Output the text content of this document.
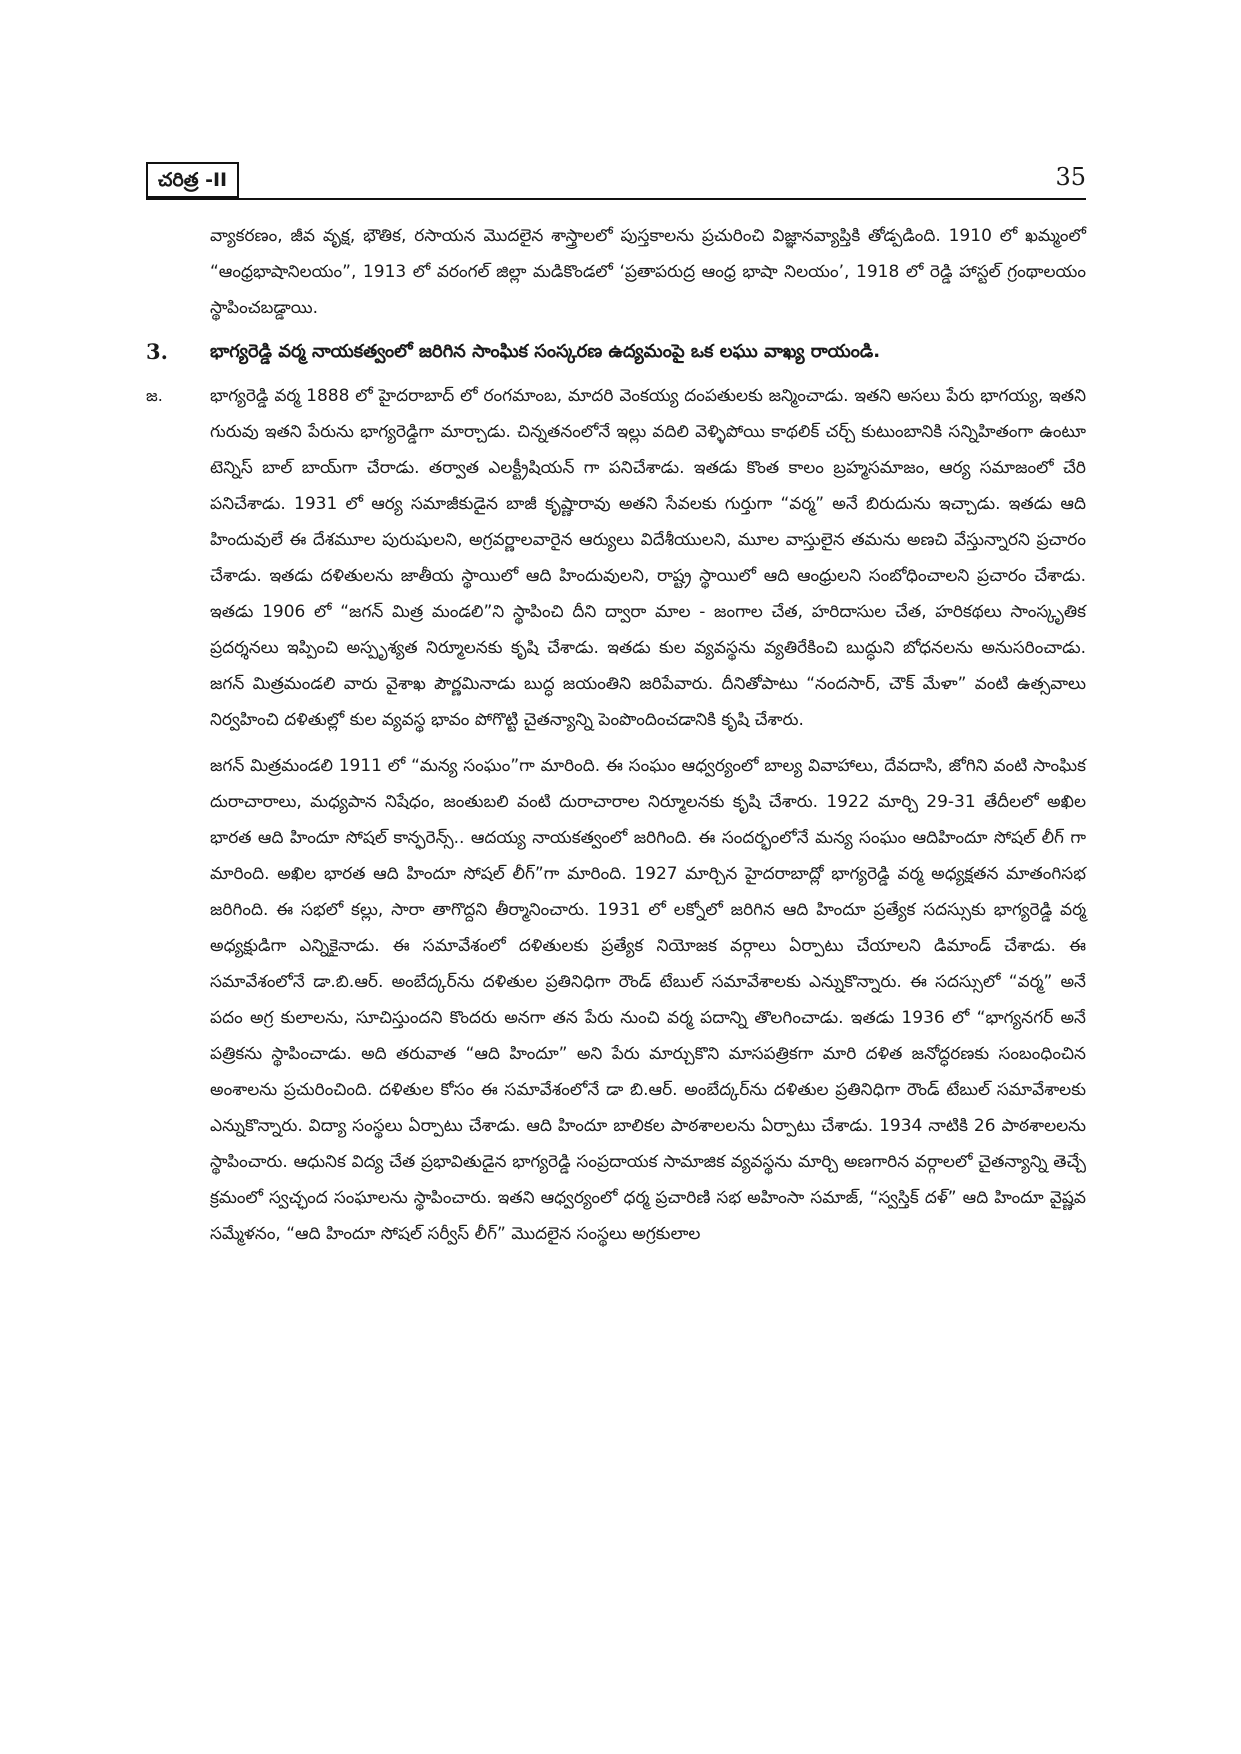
చరిత్ర -II	35

వ్యాకరణం, జీవ వృక్ష, భౌతిక, రసాయన మొదలైన శాస్త్రాలలో పుస్తకాలను ప్రచురించి విజ్ఞానవ్యాప్తికి తోడ్పడింది. 1910 లో ఖమ్మంలో “ఆంధ్రభాషానిలయం”, 1913 లో వరంగల్ జిల్లా మడికొండలో ‘ప్రతాపరుద్ర ఆంధ్ర భాషా నిలయం’, 1918 లో రెడ్డి హాస్టల్ గ్రంథాలయం స్థాపించబడ్డాయి.

3.	భాగ్యరెడ్డి వర్మ నాయకత్వంలో జరిగిన సాంఘిక సంస్కరణ ఉద్యమంపై ఒక లఘు వాఖ్య రాయండి.

జ.	భాగ్యరెడ్డి వర్మ 1888 లో హైదరాబాద్ లో రంగమాంబ, మాదరి వెంకయ్య దంపతులకు జన్మించాడు. ఇతని అసలు పేరు భాగయ్య, ఇతని గురువు ఇతని పేరును భాగ్యరెడ్డిగా మార్చాడు. చిన్నతనంలోనే ఇల్లు వదిలి వెళ్ళిపోయి కాథలిక్ చర్చ్ కుటుంబానికి సన్నిహితంగా ఉంటూ టెన్నిస్ బాల్ బాయ్‌గా చేరాడు. తర్వాత ఎలక్ట్రీషియన్ గా పనిచేశాడు. ఇతడు కొంత కాలం బ్రహ్మసమాజం, ఆర్య సమాజంలో చేరి పనిచేశాడు. 1931 లో ఆర్య సమాజీకుడైన బాజీ కృష్ణారావు అతని సేవలకు గుర్తుగా “వర్మ” అనే బిరుదును ఇచ్చాడు. ఇతడు ఆది హిందువులే ఈ దేశమూల పురుషులని, అగ్రవర్ణాలవారైన ఆర్యులు విదేశీయులని, మూల వాస్తులైన తమను అణచి వేస్తున్నారని ప్రచారం చేశాడు. ఇతడు దళితులను జాతీయ స్థాయిలో ఆది హిందువులని, రాష్ట్ర స్థాయిలో ఆది ఆంధ్రులని సంబోధించాలని ప్రచారం చేశాడు. ఇతడు 1906 లో “జగన్ మిత్ర మండలి”ని స్థాపించి దీని ద్వారా మాల - జంగాల చేత, హరిదాసుల చేత, హరికథలు సాంస్కృతిక ప్రదర్శనలు ఇప్పించి అస్పృశ్యత నిర్మూలనకు కృషి చేశాడు. ఇతడు కుల వ్యవస్థను వ్యతిరేకించి బుద్ధుని బోధనలను అనుసరించాడు. జగన్ మిత్రమండలి వారు వైశాఖ పౌర్ణమినాడు బుద్ధ జయంతిని జరిపేవారు. దీనితోపాటు “నందసార్, చౌక్ మేళా” వంటి ఉత్సవాలు నిర్వహించి దళితుల్లో కుల వ్యవస్థ భావం పోగొట్టి చైతన్యాన్ని పెంపొందించడానికి కృషి చేశారు.

జగన్ మిత్రమండలి 1911 లో “మన్య సంఘం”గా మారింది. ఈ సంఘం ఆధ్వర్యంలో బాల్య వివాహాలు, దేవదాసి, జోగిని వంటి సాంఘిక దురాచారాలు, మధ్యపాన నిషేధం, జంతుబలి వంటి దురాచారాల నిర్మూలనకు కృషి చేశారు. 1922 మార్చి 29-31 తేదీలలో అఖిల భారత ఆది హిందూ సోషల్ కాన్ఫరెన్స్.. ఆదయ్య నాయకత్వంలో జరిగింది. ఈ సందర్భంలోనే మన్య సంఘం ఆదిహిందూ సోషల్ లీగ్ గా మారింది. అఖిల భారత ఆది హిందూ సోషల్ లీగ్”గా మారింది. 1927 మార్చిన హైదరాబాద్లో భాగ్యరెడ్డి వర్మ అధ్యక్షతన మాతంగిసభ జరిగింది. ఈ సభలో కల్లు, సారా తాగొద్దని తీర్మానించారు. 1931 లో లక్నోలో జరిగిన ఆది హిందూ ప్రత్యేక సదస్సుకు భాగ్యరెడ్డి వర్మ అధ్యక్షుడిగా ఎన్నికైనాడు. ఈ సమావేశంలో దళితులకు ప్రత్యేక నియోజక వర్గాలు ఏర్పాటు చేయాలని డిమాండ్ చేశాడు. ఈ సమావేశంలోనే డా.బి.ఆర్. అంబేద్కర్‌ను దళితుల ప్రతినిధిగా రౌండ్ టేబుల్ సమావేశాలకు ఎన్నుకొన్నారు. ఈ సదస్సులో “వర్మ” అనే పదం అగ్ర కులాలను, సూచిస్తుందని కొందరు అనగా తన పేరు నుంచి వర్మ పదాన్ని తొలగించాడు. ఇతడు 1936 లో “భాగ్యనగర్ అనే పత్రికను స్థాపించాడు. అది తరువాత “ఆది హిందూ” అని పేరు మార్చుకొని మాసపత్రికగా మారి దళిత జనోద్ధరణకు సంబంధించిన అంశాలను ప్రచురించింది. దళితుల కోసం ఈ సమావేశంలోనే డా బి.ఆర్. అంబేద్కర్‌ను దళితుల ప్రతినిధిగా రౌండ్ టేబుల్ సమావేశాలకు ఎన్నుకొన్నారు. విద్యా సంస్థలు ఏర్పాటు చేశాడు. ఆది హిందూ బాలికల పాఠశాలలను ఏర్పాటు చేశాడు. 1934 నాటికి 26 పాఠశాలలను స్థాపించారు. ఆధునిక విద్య చేత ప్రభావితుడైన భాగ్యరెడ్డి సంప్రదాయక సామాజిక వ్యవస్థను మార్చి అణగారిన వర్గాలలో చైతన్యాన్ని తెచ్చే క్రమంలో స్వచ్ఛంద సంఘాలను స్థాపించారు. ఇతని ఆధ్వర్యంలో ధర్మ ప్రచారిణి సభ అహింసా సమాజ్, “స్వస్తిక్ దళ్” ఆది హిందూ వైష్ణవ సమ్మేళనం, “ఆది హిందూ సోషల్ సర్వీస్ లీగ్” మొదలైన సంస్థలు అగ్రకులాల
